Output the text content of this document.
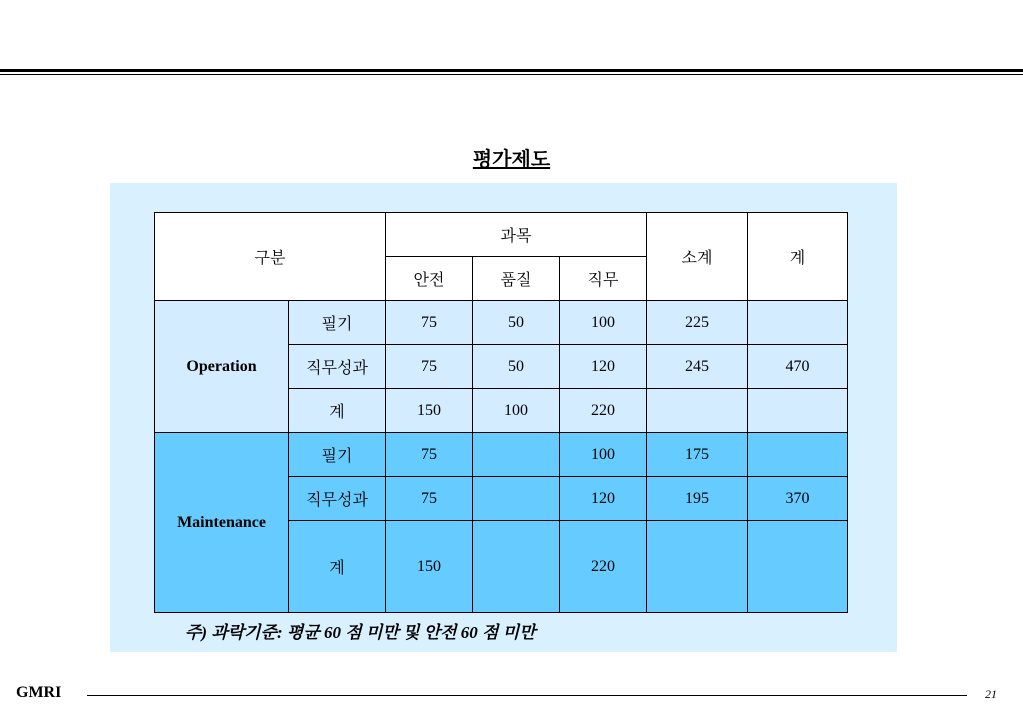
평가제도
구분		과목			소계	계
		안전	품질	직무		
Operation	필기	75	50	100	225	
	직무성과	75	50	120	245	470
	계	150	100	220		
Maintenance	필기	75		100	175	
	직무성과	75		120	195	370
	계	150		220		
주) 과락기준: 평균 60 점 미만 및 안전 60 점 미만
GMRI	21
